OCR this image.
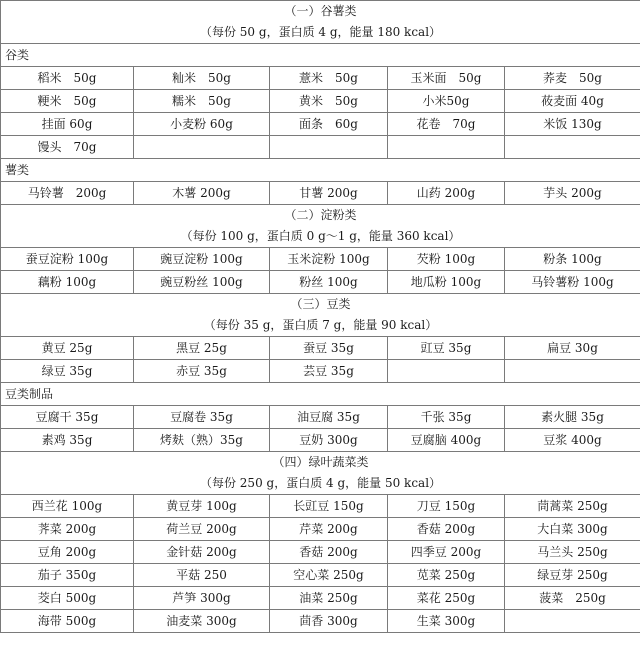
（一）谷薯类
（每份 50 g，蛋白质 4 g，能量 180 kcal）				

谷类				
稻米　50g	籼米　50g	薏米　50g	玉米面　50g	荞麦　50g
粳米　50g	糯米　50g	黄米　50g	小米50g	莜麦面 40g
挂面 60g	小麦粉 60g	面条　60g	花卷　70g	米饭 130g
馒头　70g				
薯类				
马铃薯　200g	木薯 200g	甘薯 200g	山药 200g	芋头 200g

（二）淀粉类
（每份 100 g，蛋白质 0 g～1 g，能量 360 kcal）				

蚕豆淀粉 100g	豌豆淀粉 100g	玉米淀粉 100g	芡粉 100g	粉条 100g
藕粉 100g	豌豆粉丝 100g	粉丝 100g	地瓜粉 100g	马铃薯粉 100g

（三）豆类
（每份 35 g，蛋白质 7 g，能量 90 kcal）				

黄豆 25g	黑豆 25g	蚕豆 35g	豇豆 35g	扁豆 30g
绿豆 35g	赤豆 35g	芸豆 35g		
豆类制品				
豆腐干 35g	豆腐卷 35g	油豆腐 35g	千张 35g	素火腿 35g
素鸡 35g	烤麸（熟）35g	豆奶 300g	豆腐脑 400g	豆浆 400g

（四）绿叶蔬菜类
（每份 250 g，蛋白质 4 g，能量 50 kcal）				

西兰花 100g	黄豆芽 100g	长豇豆 150g	刀豆 150g	茼蒿菜 250g
荠菜 200g	荷兰豆 200g	芹菜 200g	香菇 200g	大白菜 300g
豆角 200g	金针菇 200g	香菇 200g	四季豆 200g	马兰头 250g
茄子 350g	平菇 250	空心菜 250g	苋菜 250g	绿豆芽 250g
茭白 500g	芦笋 300g	油菜 250g	菜花 250g	菠菜　250g
海带 500g	油麦菜 300g	茴香 300g	生菜 300g	
